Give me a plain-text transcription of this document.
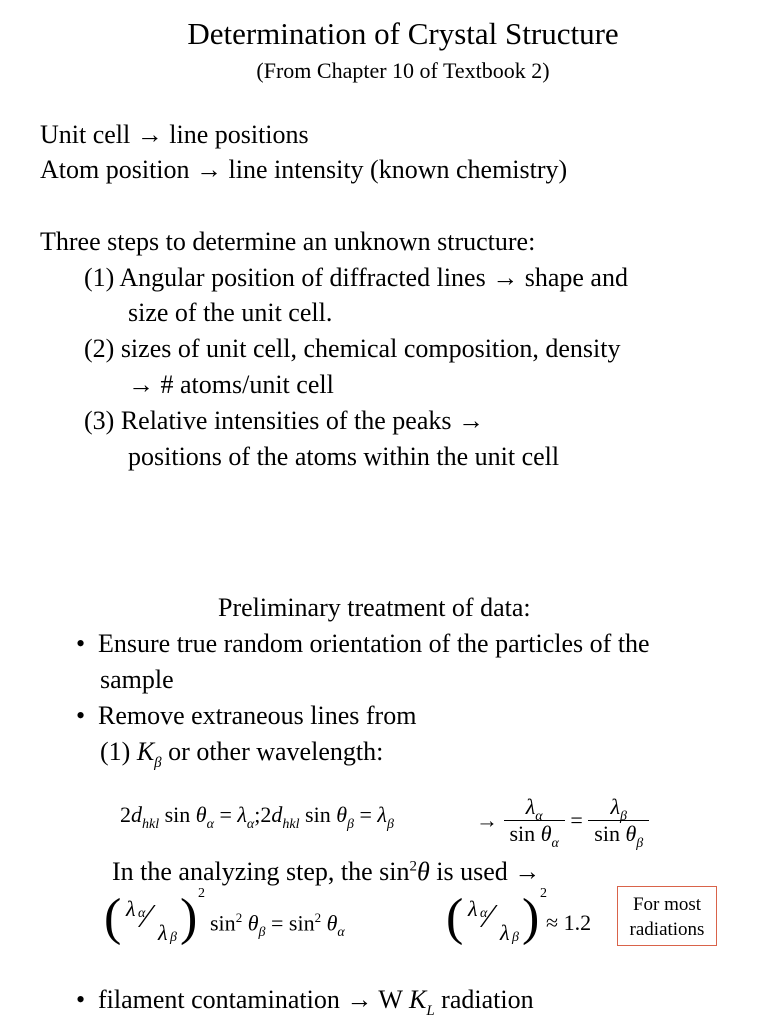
Determination of Crystal Structure
(From Chapter 10 of Textbook 2)
Unit cell → line positions
Atom position → line intensity (known chemistry)
Three steps to determine an unknown structure:
(1) Angular position of diffracted lines → shape and
size of the unit cell.
(2) sizes of unit cell, chemical composition, density
→ # atoms/unit cell
(3) Relative intensities of the peaks →
positions of the atoms within the unit cell
Preliminary treatment of data:
• Ensure true random orientation of the particles of the
sample
• Remove extraneous lines from
(1) $K_\beta$ or other wavelength:
$2d_{hkl}$ $\sin \theta_\alpha$ = $\lambda_\alpha;2d_{hkl}$ $\sin \theta_\beta = \lambda_\beta$	→ $\frac{\lambda_\alpha}{\sin \theta_\alpha} = \frac{\lambda_\beta}{\sin \theta_\beta}$
In the analyzing step, the $\sin^2\theta$ is used →
( λ α
⁄ λ β ) 2
$\sin^2 \theta_\beta = \sin^2 \theta_\alpha$ ( λ α
⁄ λ β ) 2
≈ 1.2
For most
radiations
• filament contamination → W $K_L$ radiation
